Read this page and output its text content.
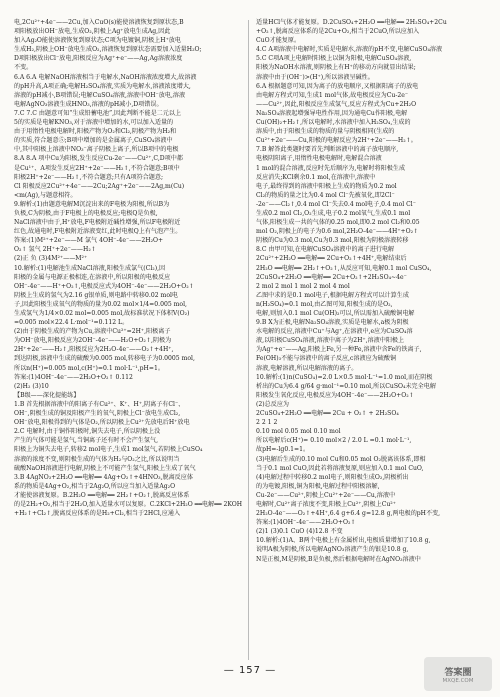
电,2Cu²⁺+4e⁻——2Cu,加入CuO(s)能使溶液恢复到原状态,B
项阳极放出OH⁻放电,生成O₂,阴极上Ag⁺放电生成Ag,因此
加入Ag₂O能使溶液恢复到原状态;C项为电镀铜,阴极上H⁺放电
生成H₂,阴极上OH⁻放电生成O₂,溶液恢复到原状态需要加入适量H₂O;
D项阳极放出Cl⁻放电,阳极反应为Ag⁺+e⁻——Ag,Ag溶液浓度
不变。
6.A 6.A 电解NaOH溶液相当于电解水,NaOH溶液浓度增大,故溶液
的pH升高,A项正确;电解H₂SO₄溶液,实质为电解水,溶液浓度增大,
溶液的pH减小,B项错误;电解CuSO₄溶液,溶液中OH⁻放电,溶液
电解AgNO₃溶液生成HNO₃,溶液的pH减小,D项错误。
7.C 7.C 由题意可知“生成铅蓄电池”,因此判断不能是二元以上
5的实质是电解KNO₃,对于溶液中增加的水,可以加入适量的
由于用惰性电极电解时,阳极产物为O₂和Cl₂,阴极产物为H₂和
的实质,符合题意⑤;B项中增加的是金属离子,CuSO₄溶液中
中,其中阳极上溶液中NO₃⁻离子阴极上离子,所以B项中的电极
8.A 8.A 项中Cu为阳极,发生反应Cu-2e⁻——Cu²⁺,C,D项中都
是Cu¹⁺、A项发生反应2H⁺+2e⁻——H₂↑,不符合题意;B项中
阳极2H⁺+2e⁻——H₂↑,不符合题意;只有A项符合题意;
Cl 阳极反应2Cu²⁺+4e⁻——2Cu;2Ag⁺+2e⁻——2Ag,m(Cu)
<m(Ag),与题意相符。
9.解析:(1)由题意电解M沉淀出来的F电极为阳极,所以B为
负极,C为阴极,由于F电极上的电极反应;电极Q是负极,
NaCl溶液中由于,H⁺放电,F电极附近碱性增强,所以F电极附近
红色,故通电时,F电极附近溶液变红,此时电极Q上有气泡产生。
答案:(1)M²⁺+2e⁻——M 氯气 4OH⁻-4e⁻——2H₂O+
O₂↑ 氢气 2H⁺+2e⁻——H₂↑
(2)正 负 (3)4M²⁺——M²⁺
10.解析:(1)电解池生成NaCl溶液,阳极生成氯气(Cl₂),因
阳极的金属与电源正极相连,在溶液中,所以阳极的电极反应
OH⁻-4e⁻——H⁺+O₂↑,电极反应式为4OH⁻-4e⁻——2H₂O+O₂↑
阴极上生成的氢气为2.16 g银单质,则电路中转移0.02 mol电
子,因此阳极生成氧气的物质的量为0.02 mol×1/4=0.005 mol,
生成氢气为1/4×0.02 mol=0.005 mol,故标准状况下体积V(O₂)
=0.005 mol×22.4 L·mol⁻¹=0.112 L。
(2)由于阴极生成的产物为Cu,溶液中Cu²⁺=2H⁺,阳极离子
为OH⁻放电,阳极反应为2OH⁻-4e⁻——H₂O+O₂↑,阴极为
2H⁺+2e⁻——H₂↑,阳极反应为2H₂O-4e⁻——O₂↑+4H⁺,
到达阴极,溶液中生成的硫酸为0.005 mol,转移电子为0.0005 mol,
所以n(H⁺)=0.005 mol,c(H⁺)=0.1 mol·L⁻¹,pH=1。
答案:(1)4OH⁻-4e⁻——2H₂O+O₂↑ 0.112
(2)H₂ (3)10
【B级——深化提能练】
1.B 首先根据溶液中的阳离子有Cu²⁺、K⁺、H⁺,阴离子有Cl⁻、
OH⁻,阴极生成的铜及阳极产生的氧气,阴极上Cl⁻放电生成Cl₂,
OH⁻放电,阳极得到的气体是O₂,所以阴极上Cu²⁺先放电后H⁺放电
2.C 电解时,由于铜作阳极时,铜失去电子,所以阴极上没
产生的气体可能是氢气,当铜离子还有时不会产生氢气,
阳极上为铜失去电子,转移2 mol电子,生成1 mol氢气,若阴极上CuSO₄
溶液的浓度不变,则阴极生成的气体为H₂与O₂之比,所以说明当
硫酸NaOH溶液进行电解,阴极上不可能产生氢气,阳极上生成了氧气
3.B 4AgNO₃+2H₂O ══电解══ 4Ag+O₂↑+4HNO₃,脱离反应体
系的物质是4Ag+O₂,相当于2Ag₂O,所以应当加入适量Ag₂O
才能使溶液复原。B.2H₂O ══电解══ 2H₂↑+O₂↑,脱离反应体系
的是2H₂+O₂,相当于2H₂O,加入适量水可以复原。C.2KCl+2H₂O ══电解══ 2KOH
+H₂↑+Cl₂↑,脱离反应体系的是H₂+Cl₂,相当于2HCl,应通入
适量HCl气体才能复原。D.2CuSO₄+2H₂O ══电解══ 2H₂SO₄+2Cu
+O₂↑,脱离反应体系的是2Cu+O₂,相当于2CuO,所以应加入
CuO才能复原。
4.C A项溶液中电解时,实质是电解水,溶液的pH不变,电解CuSO₄溶液
5.C C项A项上电解时阳极上以铜为阳极,电解CuSO₄溶液,
阳极为NaOH水溶液,则阴极上有H⁺的移动方向就显出结果;
溶液中由于(OH⁻)>(H⁺),所以溶液呈碱性。
6.A 根据题意可知,因为离子的放电顺序,又根据阳离子的放电
由电解方程式可知,生成1 mol气体,故电极反应为Cu-2e⁻
——Cu²⁺,因此,阳极反应生成氢气,反应方程式为Cu+2H₂O
Na₂SO₄溶液起增强导电性作用,因为通电Cu作阳极,电解
Cu(OH)₂+H₂↑,所以电解时,水溶液中加入H₂SO₄,生成的
溶质中,由于阳极生成的物质的量与阴极相同(生成的
Cu²⁺+2e⁻——Cu,阳极的电解反应为2H⁺+2e⁻——H₂↑。
7.B 解答此类题时要首先判断溶液中的离子放电顺序,
电极阴阳离子,用惰性电极电解时,电解混合溶液
1 mol的混合溶液,反应时先后顺序为,电解时将阳极生成
反应消失;KCl剩余0.1 mol,在溶液中,溶液中
电子,最终得到的溶液中阳极上生成的物质为0.2 mol
Cl₂的物质的量之比为0.4 mol Cl⁻先被氧化,即2Cl⁻
-2e⁻——Cl₂↑,0.4 mol Cl⁻失去0.4 mol电子,0.4 mol Cl⁻
生成0.2 mol Cl₂,O₂生成,电子0.2 mol氧气,生成0.1 mol
气体,阳极生成一共的气体的0.25 mol,即0.2 mol Cl₂和0.05
mol O₂,阴极上的电子为0.6 mol,2H₂O-4e⁻——4H⁺+O₂↑
阴极的Cu为0.3 mol,Cu为0.3 mol,阳极为阴极溶液转移
8.C 由甲可知,在电解CuSO₄溶液中的离子进行电解
2Cu²⁺+2H₂O ══电解══ 2Cu+O₂↑+4H⁺,电解结束后
2H₂O ══电解══ 2H₂↑+O₂↑,从反应可知,电解0.1 mol CuSO₄,
2CuSO₄+2H₂O ══电解══ 2Cu+O₂↑+2H₂SO₄~4e⁻
2 mol 2 mol 1 mol 2 mol 4 mol
乙图中求的是0.1 mol电子,根据电解方程式可以计算生成
n(H₂SO₄)=0.1 mol,由乙图可知,阳极生成的是O₂,
电解,则加入0.1 mol Cu(OH)₂可以,所以需加入硫酸铜电解
9.B X为正极,电解Na₂SO₄溶液,实质是电解水,a极为阴极
水电解的反应,溶液中Cu⁺与Ag⁺,在溶液中,e应为CuSO₄溶
液,以阳极CuSO₄溶液,溶液中离子为2H⁺,溶液中阳极上
为Ag⁺+e⁻——Ag,阳极上Fe,另一种Fe,溶液中含Fe的铁离子,
Fe(OH)₃不能与溶液中的离子反应,c溶液应为硫酸铜
溶液,电解溶液,所以电解溶液的离子。
10.解析:(1)n(CuSO₄)=2.0 L×0.5 mol·L⁻¹=1.0 mol,而在阴极
析出的Cu为6.4 g/64 g·mol⁻¹=0.10 mol,所以CuSO₄未完全电解
阳极发生氧化反应,电极反应为4OH⁻-4e⁻——2H₂O+O₂↑
(2)总反应为
2CuSO₄+2H₂O ══电解══ 2Cu + O₂↑ + 2H₂SO₄
2 2 1 2
0.10 mol 0.05 mol 0.10 mol
所以电解后c(H⁺)= 0.10 mol×2 / 2.0 L =0.1 mol·L⁻¹,
故pH=-lg0.1=1。
(3)电解后生成的0.10 mol Cu和0.05 mol O₂脱离该体系,即相
当于0.1 mol CuO,因此若将溶液复原,则应加入0.1 mol CuO,
(4)电解过程中转移0.2 mol电子,则阳极生成O₂,阴极析出
的为电镀,阳极,铜为阳极,电解过程中阳极溶解,
Cu-2e⁻——Cu²⁺,阴极上Cu²⁺+2e⁻——Cu,溶液中
电解时,Cu²⁺离子浓度不变,阳极上Cu²⁺,阴极上Cu²⁺
2H₂O-4e⁻——O₂↑+4H⁺,6.4 g+6.4 g=12.8 g,两电极的pH不变,
答案:(1)4OH⁻-4e⁻——2H₂O+O₂↑
(2)1 (3)0.1 CuO (4)12.8 不变
10.解析:(1)A、B两个电极上有金属析出,电极质量增加了10.8 g,
说明A极为阴极,所以电解AgNO₃溶液产生的银是10.8 g,
N是正极,M是阴极,B是负极,然后根据电解时在AgNO₃溶液中
— 157 —	答案圈
MXQE.COM
